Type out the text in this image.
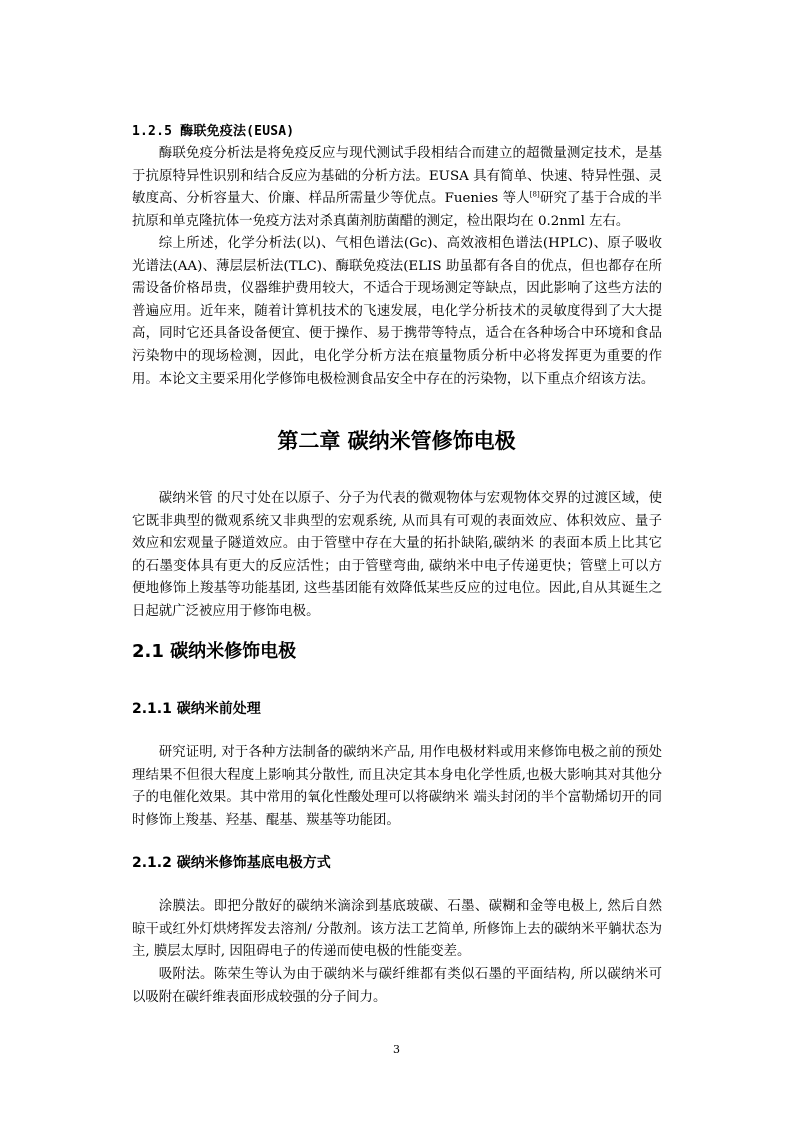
1.2.5 酶联免疫法(EUSA)

酶联免疫分析法是将免疫反应与现代测试手段相结合而建立的超微量测定技术，是基于抗原特异性识别和结合反应为基础的分析方法。EUSA 具有简单、快速、特异性强、灵敏度高、分析容量大、价廉、样品所需量少等优点。Fuenies 等人[8]研究了基于合成的半抗原和单克隆抗体一免疫方法对杀真菌剂肪菌醋的测定，检出限均在 0.2nml 左右。

综上所述，化学分析法(以)、气相色谱法(Gc)、高效液相色谱法(HPLC)、原子吸收光谱法(AA)、薄层层析法(TLC)、酶联免疫法(ELIS 助虽都有各自的优点，但也都存在所需设备价格昂贵，仪器维护费用较大，不适合于现场测定等缺点，因此影响了这些方法的普遍应用。近年来，随着计算机技术的飞速发展，电化学分析技术的灵敏度得到了大大提高，同时它还具备设备便宜、便于操作、易于携带等特点，适合在各种场合中环境和食品污染物中的现场检测，因此，电化学分析方法在痕量物质分析中必将发挥更为重要的作用。本论文主要采用化学修饰电极检测食品安全中存在的污染物，以下重点介绍该方法。

第二章 碳纳米管修饰电极

碳纳米管 的尺寸处在以原子、分子为代表的微观物体与宏观物体交界的过渡区域，使它既非典型的微观系统又非典型的宏观系统, 从而具有可观的表面效应、体积效应、量子效应和宏观量子隧道效应。由于管壁中存在大量的拓扑缺陷,碳纳米 的表面本质上比其它的石墨变体具有更大的反应活性；由于管壁弯曲, 碳纳米中电子传递更快；管壁上可以方便地修饰上羧基等功能基团, 这些基团能有效降低某些反应的过电位。因此,自从其诞生之日起就广泛被应用于修饰电极。

2.1 碳纳米修饰电极
2.1.1 碳纳米前处理

研究证明, 对于各种方法制备的碳纳米产品, 用作电极材料或用来修饰电极之前的预处理结果不但很大程度上影响其分散性, 而且决定其本身电化学性质,也极大影响其对其他分子的电催化效果。其中常用的氧化性酸处理可以将碳纳米 端头封闭的半个富勒烯切开的同时修饰上羧基、羟基、醌基、羰基等功能团。

2.1.2 碳纳米修饰基底电极方式

涂膜法。即把分散好的碳纳米滴涂到基底玻碳、石墨、碳糊和金等电极上, 然后自然晾干或红外灯烘烤挥发去溶剂/ 分散剂。该方法工艺简单, 所修饰上去的碳纳米平躺状态为主, 膜层太厚时, 因阻碍电子的传递而使电极的性能变差。

吸附法。陈荣生等认为由于碳纳米与碳纤维都有类似石墨的平面结构, 所以碳纳米可以吸附在碳纤维表面形成较强的分子间力。

3
